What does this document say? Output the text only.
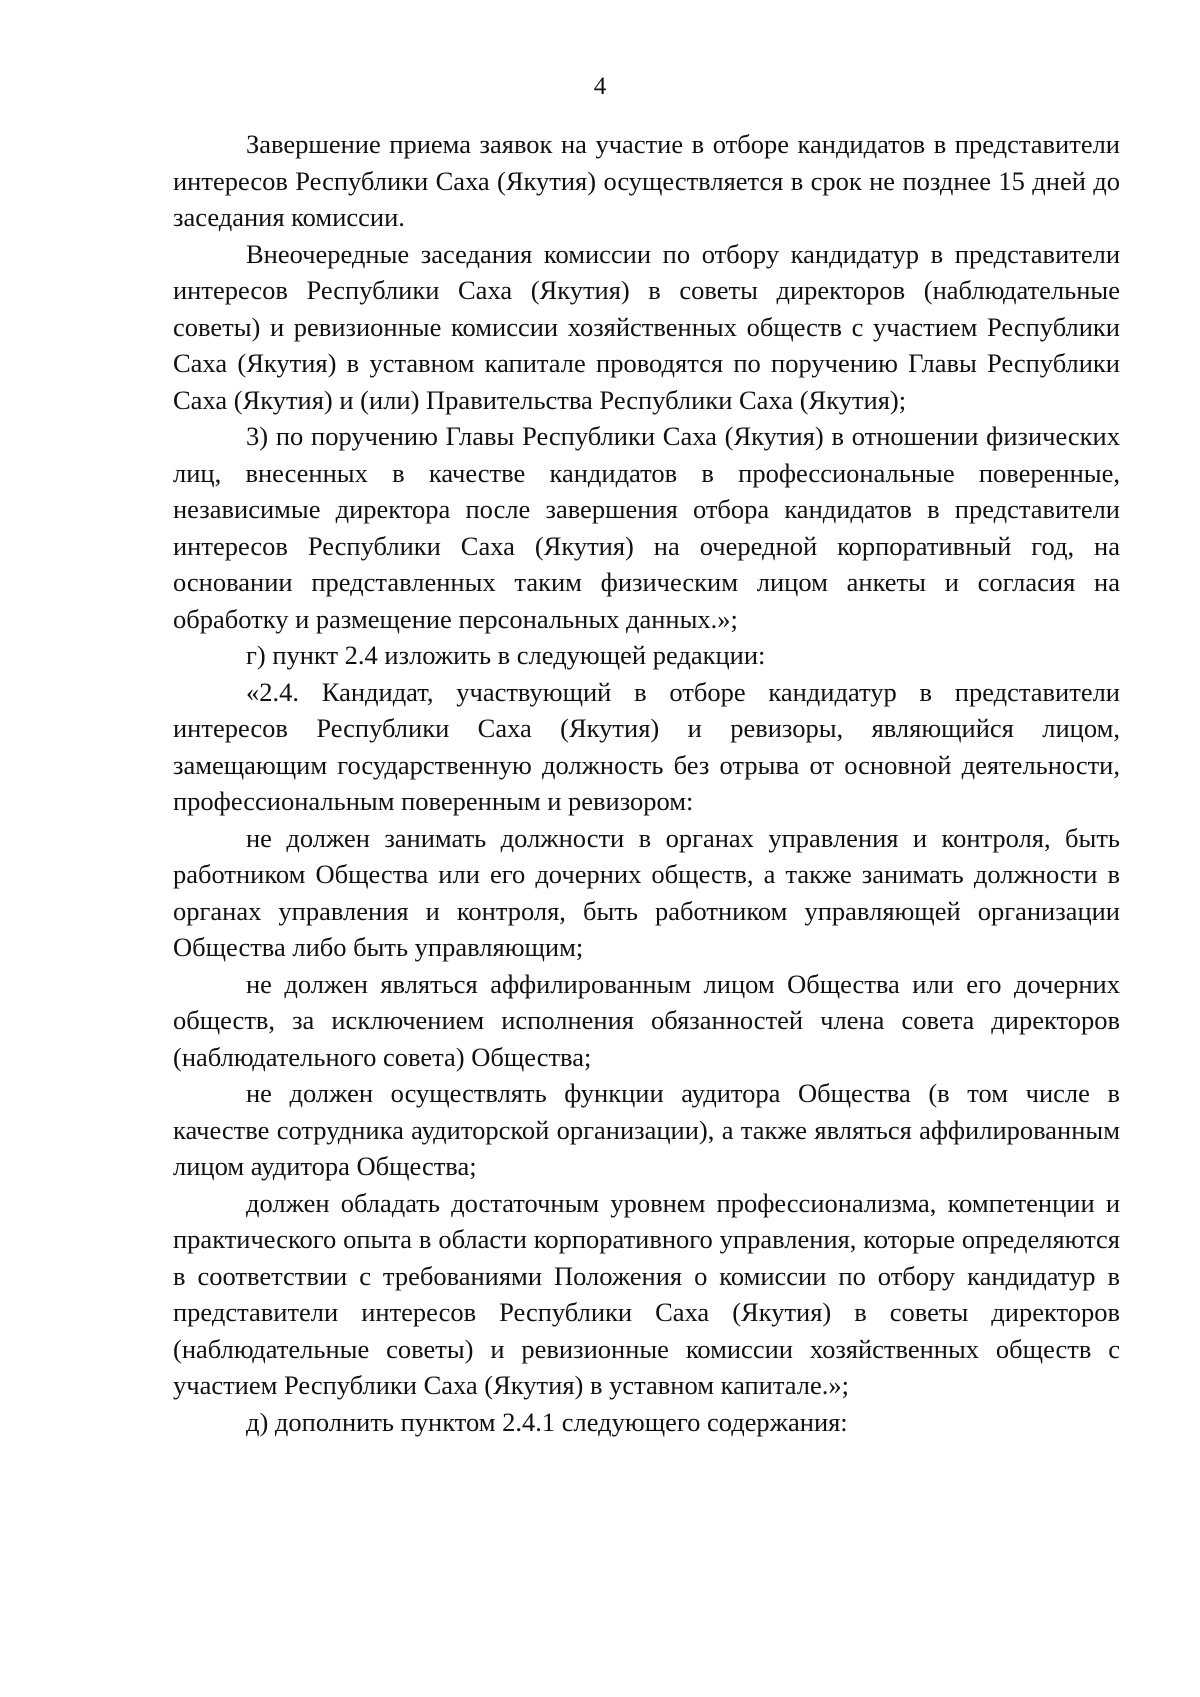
4

Завершение приема заявок на участие в отборе кандидатов в представители интересов Республики Саха (Якутия) осуществляется в срок не позднее 15 дней до заседания комиссии.

Внеочередные заседания комиссии по отбору кандидатур в представители интересов Республики Саха (Якутия) в советы директоров (наблюдательные советы) и ревизионные комиссии хозяйственных обществ с участием Республики Саха (Якутия) в уставном капитале проводятся по поручению Главы Республики Саха (Якутия) и (или) Правительства Республики Саха (Якутия);

3) по поручению Главы Республики Саха (Якутия) в отношении физических лиц, внесенных в качестве кандидатов в профессиональные поверенные, независимые директора после завершения отбора кандидатов в представители интересов Республики Саха (Якутия) на очередной корпоративный год, на основании представленных таким физическим лицом анкеты и согласия на обработку и размещение персональных данных.»;

г) пункт 2.4 изложить в следующей редакции:

«2.4. Кандидат, участвующий в отборе кандидатур в представители интересов Республики Саха (Якутия) и ревизоры, являющийся лицом, замещающим государственную должность без отрыва от основной деятельности, профессиональным поверенным и ревизором:

не должен занимать должности в органах управления и контроля, быть работником Общества или его дочерних обществ, а также занимать должности в органах управления и контроля, быть работником управляющей организации Общества либо быть управляющим;

не должен являться аффилированным лицом Общества или его дочерних обществ, за исключением исполнения обязанностей члена совета директоров (наблюдательного совета) Общества;

не должен осуществлять функции аудитора Общества (в том числе в качестве сотрудника аудиторской организации), а также являться аффилированным лицом аудитора Общества;

должен обладать достаточным уровнем профессионализма, компетенции и практического опыта в области корпоративного управления, которые определяются в соответствии с требованиями Положения о комиссии по отбору кандидатур в представители интересов Республики Саха (Якутия) в советы директоров (наблюдательные советы) и ревизионные комиссии хозяйственных обществ с участием Республики Саха (Якутия) в уставном капитале.»;

д) дополнить пунктом 2.4.1 следующего содержания:
